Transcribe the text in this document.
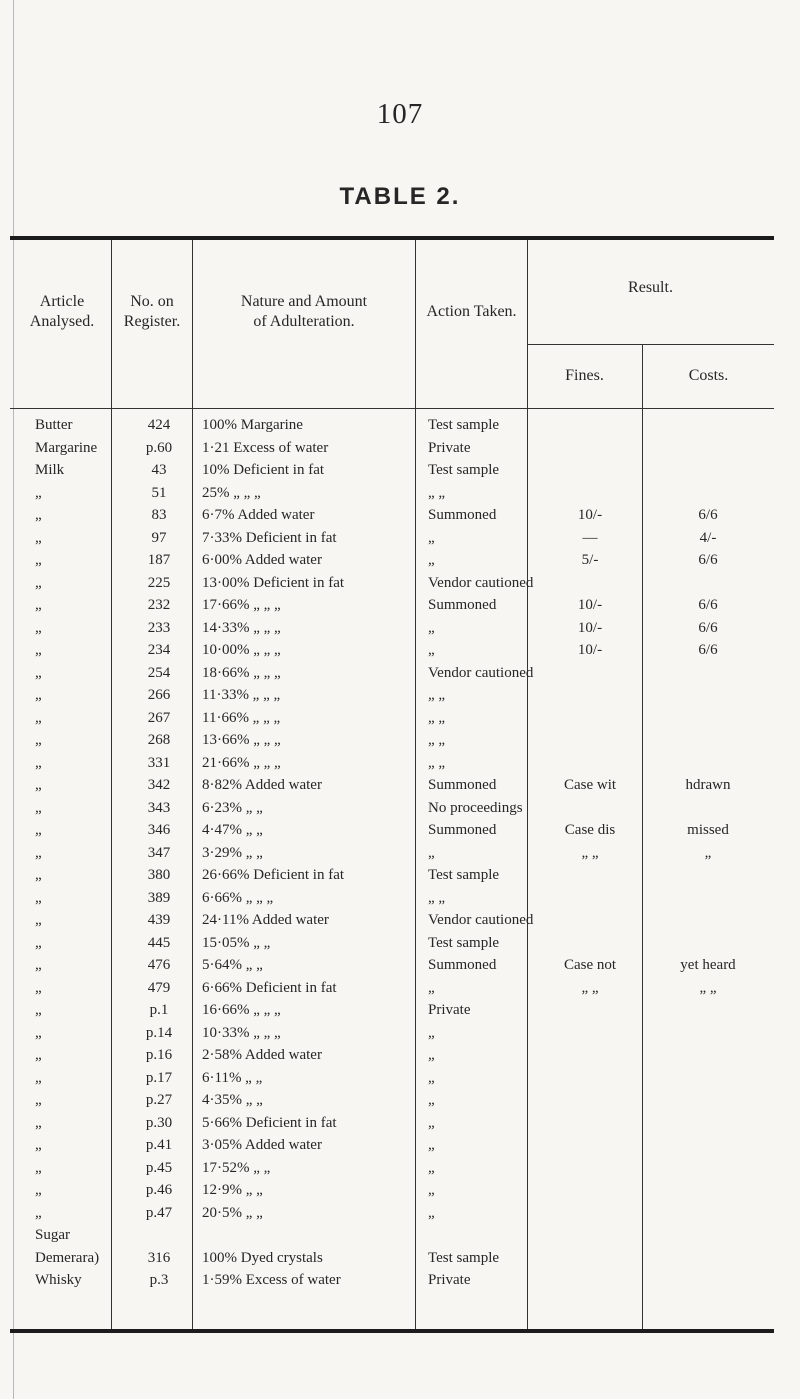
107
TABLE 2.
Article
Analysed.
No. on
Register.
Nature and Amount
of Adulteration.
Action Taken.
Result.
Fines.	Costs.
Butter	424	100% Margarine	Test sample
Margarine	p.60	1·21 Excess of water	Private
Milk	43	10% Deficient in fat	Test sample
„	51	25% „ „ „	„ „
„	83	6·7% Added water	Summoned	10/-	6/6
„	97	7·33% Deficient in fat	„	—	4/-
„	187	6·00% Added water	„	5/-	6/6
„	225	13·00% Deficient in fat	Vendor cautioned
„	232	17·66% „ „ „	Summoned	10/-	6/6
„	233	14·33% „ „ „	„	10/-	6/6
„	234	10·00% „ „ „	„	10/-	6/6
„	254	18·66% „ „ „	Vendor cautioned
„	266	11·33% „ „ „	„ „
„	267	11·66% „ „ „	„ „
„	268	13·66% „ „ „	„ „
„	331	21·66% „ „ „	„ „
„	342	8·82% Added water	Summoned	Case wit	hdrawn
„	343	6·23% „ „	No proceedings
„	346	4·47% „ „	Summoned	Case dis	missed
„	347	3·29% „ „	„	„ „	„
„	380	26·66% Deficient in fat	Test sample
„	389	6·66% „ „ „	„ „
„	439	24·11% Added water	Vendor cautioned
„	445	15·05% „ „	Test sample
„	476	5·64% „ „	Summoned	Case not	yet heard
„	479	6·66% Deficient in fat	„	„ „	„ „
„	p.1	16·66% „ „ „	Private
„	p.14	10·33% „ „ „	„
„	p.16	2·58% Added water	„
„	p.17	6·11% „ „	„
„	p.27	4·35% „ „	„
„	p.30	5·66% Deficient in fat	„
„	p.41	3·05% Added water	„
„	p.45	17·52% „ „	„
„	p.46	12·9% „ „	„
„	p.47	20·5% „ „	„
Sugar
Demerara)	316	100% Dyed crystals	Test sample
Whisky	p.3	1·59% Excess of water	Private
